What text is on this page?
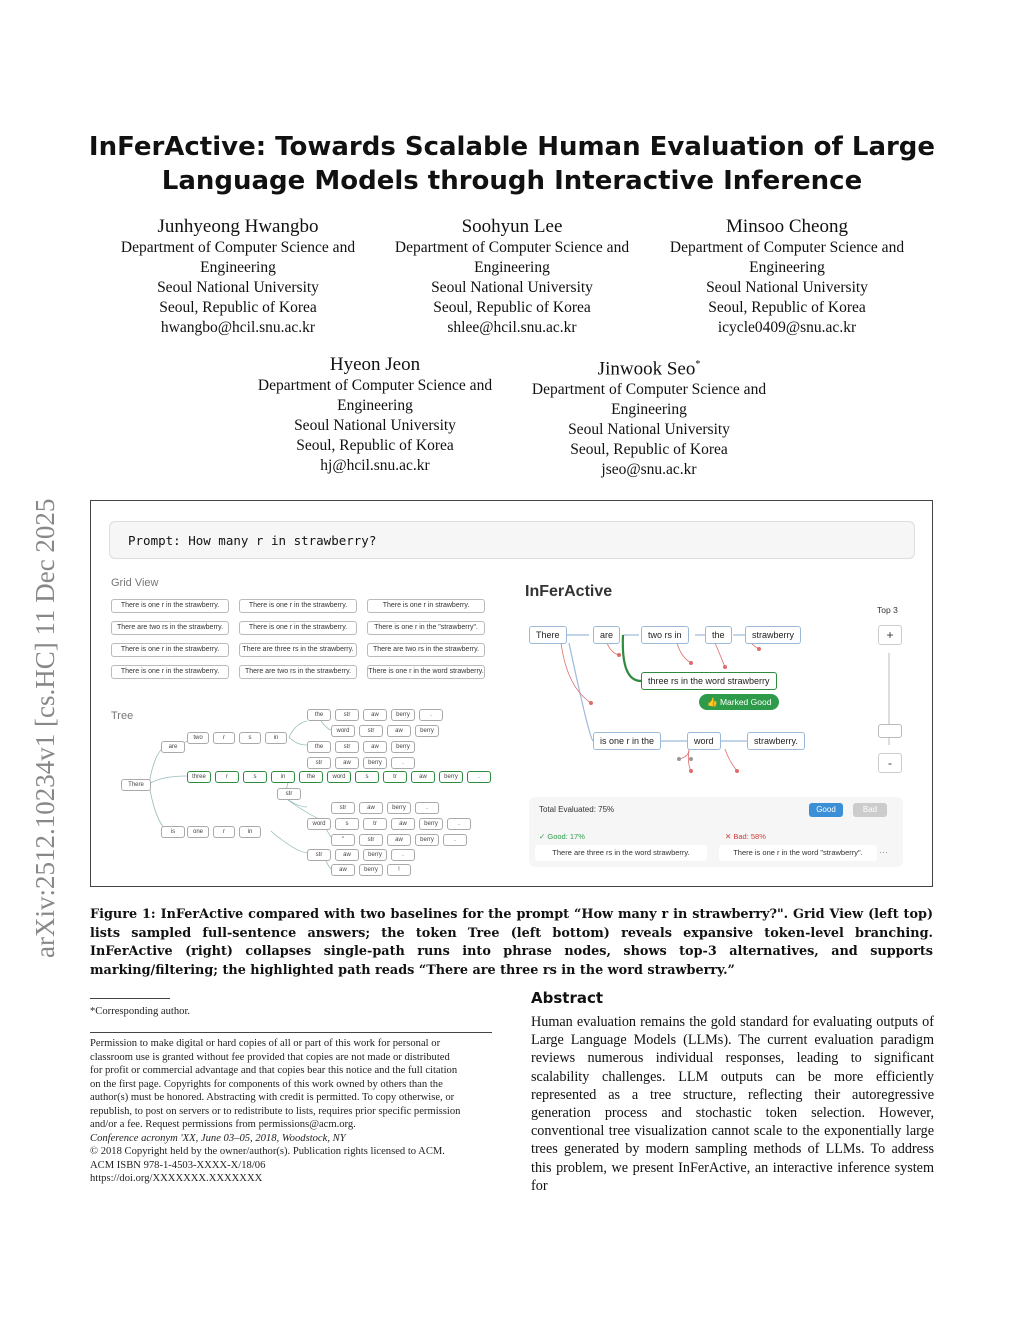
arXiv:2512.10234v1 [cs.HC] 11 Dec 2025
InFerActive: Towards Scalable Human Evaluation of Large
Language Models through Interactive Inference
Junhyeong Hwangbo
Department of Computer Science and
Engineering
Seoul National University
Seoul, Republic of Korea
hwangbo@hcil.snu.ac.kr
Soohyun Lee
Department of Computer Science and
Engineering
Seoul National University
Seoul, Republic of Korea
shlee@hcil.snu.ac.kr
Minsoo Cheong
Department of Computer Science and
Engineering
Seoul National University
Seoul, Republic of Korea
icycle0409@snu.ac.kr
Hyeon Jeon
Department of Computer Science and
Engineering
Seoul National University
Seoul, Republic of Korea
hj@hcil.snu.ac.kr
Jinwook Seo*
Department of Computer Science and
Engineering
Seoul National University
Seoul, Republic of Korea
jseo@snu.ac.kr
Prompt: How many r in strawberry?
Grid View
There is one r in the strawberry.	There is one r in the strawberry.	There is one r in strawberry.
There are two rs in the strawberry.	There is one r in the strawberry.	There is one r in the "strawberry".
There is one r in the strawberry.	There are three rs in the strawberry.	There are two rs in the strawberry.
There is one r in the strawberry.	There are two rs in the strawberry.	There is one r in the word strawberry.
Tree
There
are
is
two	r	s	in
three	r	s	in	the	word	s	tr	aw	berry	.
one	r	in
the	str	aw	berry	.
word	str	aw	berry
the	str	aw	berry
str	aw	berry	.
str
str	aw	berry	.
word	s	tr	aw	berry	.
"	str	aw	berry	.
str	aw	berry	.
aw	berry	!
InFerActive
Top 3
+
-
There	are	two rs in	the	strawberry
three rs in the word strawberry
👍 Marked Good
is one r in the	word	strawberry.
Total Evaluated: 75%	Good	Bad
✓ Good: 17%	✕ Bad: 58%
There are three rs in the word strawberry.	There is one r in the word "strawberry".	···
Figure 1: InFerActive compared with two baselines for the prompt “How many r in strawberry?". Grid View (left top) lists sampled full-sentence answers; the token Tree (left bottom) reveals expansive token-level branching. InFerActive (right) collapses single-path runs into phrase nodes, shows top-3 alternatives, and supports marking/filtering; the highlighted path reads “There are three rs in the word strawberry.”
*Corresponding author.
Permission to make digital or hard copies of all or part of this work for personal or
classroom use is granted without fee provided that copies are not made or distributed
for profit or commercial advantage and that copies bear this notice and the full citation
on the first page. Copyrights for components of this work owned by others than the
author(s) must be honored. Abstracting with credit is permitted. To copy otherwise, or
republish, to post on servers or to redistribute to lists, requires prior specific permission
and/or a fee. Request permissions from permissions@acm.org.
Conference acronym 'XX, June 03–05, 2018, Woodstock, NY
© 2018 Copyright held by the owner/author(s). Publication rights licensed to ACM.
ACM ISBN 978-1-4503-XXXX-X/18/06
https://doi.org/XXXXXXX.XXXXXXX
Abstract
Human evaluation remains the gold standard for evaluating outputs of Large Language Models (LLMs). The current evaluation paradigm reviews numerous individual responses, leading to significant scalability challenges. LLM outputs can be more efficiently represented as a tree structure, reflecting their autoregressive generation process and stochastic token selection. However, conventional tree visualization cannot scale to the exponentially large trees generated by modern sampling methods of LLMs. To address this problem, we present InFerActive, an interactive inference system for
